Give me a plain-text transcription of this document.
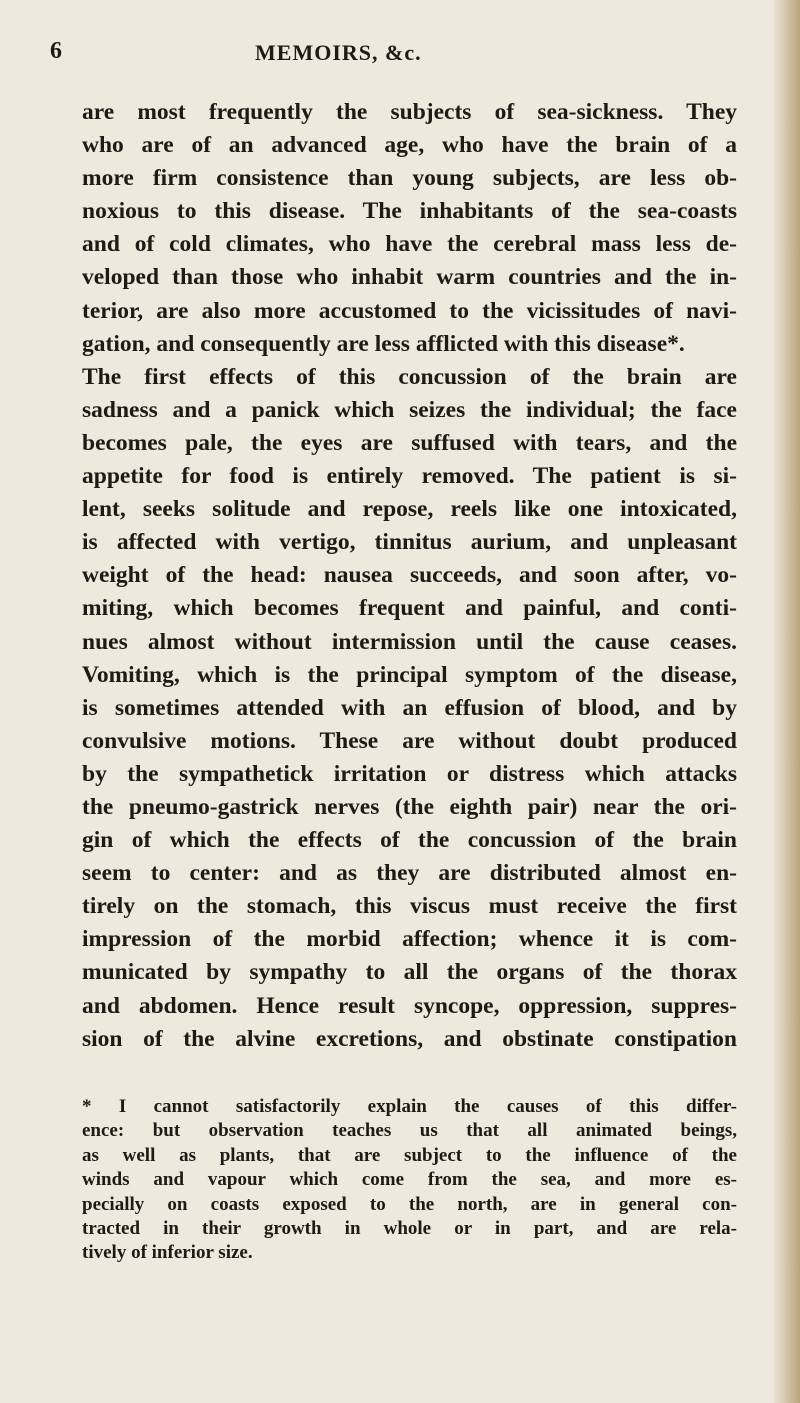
6	MEMOIRS, &c.
are most frequently the subjects of sea-sickness. They
who are of an advanced age, who have the brain of a
more firm consistence than young subjects, are less ob-
noxious to this disease. The inhabitants of the sea-coasts
and of cold climates, who have the cerebral mass less de-
veloped than those who inhabit warm countries and the in-
terior, are also more accustomed to the vicissitudes of navi-
gation, and consequently are less afflicted with this disease*.
The first effects of this concussion of the brain are
sadness and a panick which seizes the individual; the face
becomes pale, the eyes are suffused with tears, and the
appetite for food is entirely removed. The patient is si-
lent, seeks solitude and repose, reels like one intoxicated,
is affected with vertigo, tinnitus aurium, and unpleasant
weight of the head: nausea succeeds, and soon after, vo-
miting, which becomes frequent and painful, and conti-
nues almost without intermission until the cause ceases.
Vomiting, which is the principal symptom of the disease,
is sometimes attended with an effusion of blood, and by
convulsive motions. These are without doubt produced
by the sympathetick irritation or distress which attacks
the pneumo-gastrick nerves (the eighth pair) near the ori-
gin of which the effects of the concussion of the brain
seem to center: and as they are distributed almost en-
tirely on the stomach, this viscus must receive the first
impression of the morbid affection; whence it is com-
municated by sympathy to all the organs of the thorax
and abdomen. Hence result syncope, oppression, suppres-
sion of the alvine excretions, and obstinate constipation
* I cannot satisfactorily explain the causes of this differ-
ence: but observation teaches us that all animated beings,
as well as plants, that are subject to the influence of the
winds and vapour which come from the sea, and more es-
pecially on coasts exposed to the north, are in general con-
tracted in their growth in whole or in part, and are rela-
tively of inferior size.
